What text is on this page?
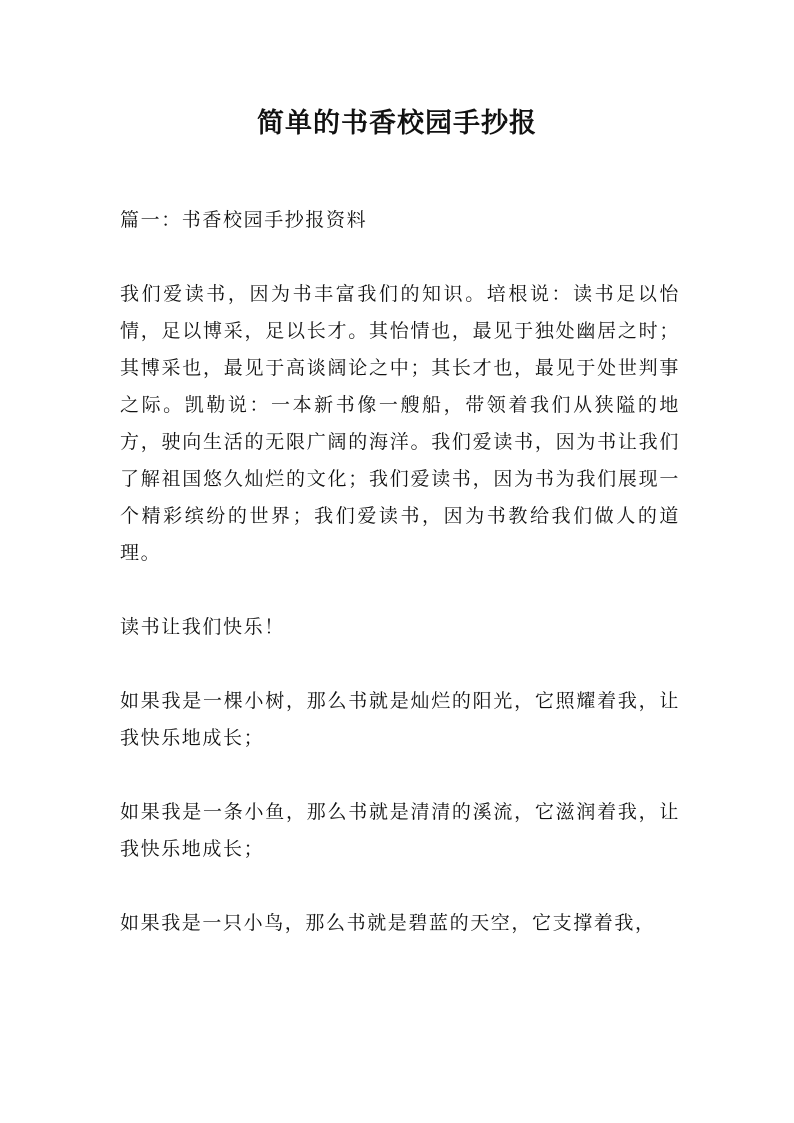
简单的书香校园手抄报

篇一：书香校园手抄报资料

我们爱读书，因为书丰富我们的知识。培根说：读书足以怡情，足以博采，足以长才。其怡情也，最见于独处幽居之时；其博采也，最见于高谈阔论之中；其长才也，最见于处世判事之际。凯勒说：一本新书像一艘船，带领着我们从狭隘的地方，驶向生活的无限广阔的海洋。我们爱读书，因为书让我们了解祖国悠久灿烂的文化；我们爱读书，因为书为我们展现一个精彩缤纷的世界；我们爱读书，因为书教给我们做人的道理。

读书让我们快乐！

如果我是一棵小树，那么书就是灿烂的阳光，它照耀着我，让我快乐地成长；

如果我是一条小鱼，那么书就是清清的溪流，它滋润着我，让我快乐地成长；

如果我是一只小鸟，那么书就是碧蓝的天空，它支撑着我，
